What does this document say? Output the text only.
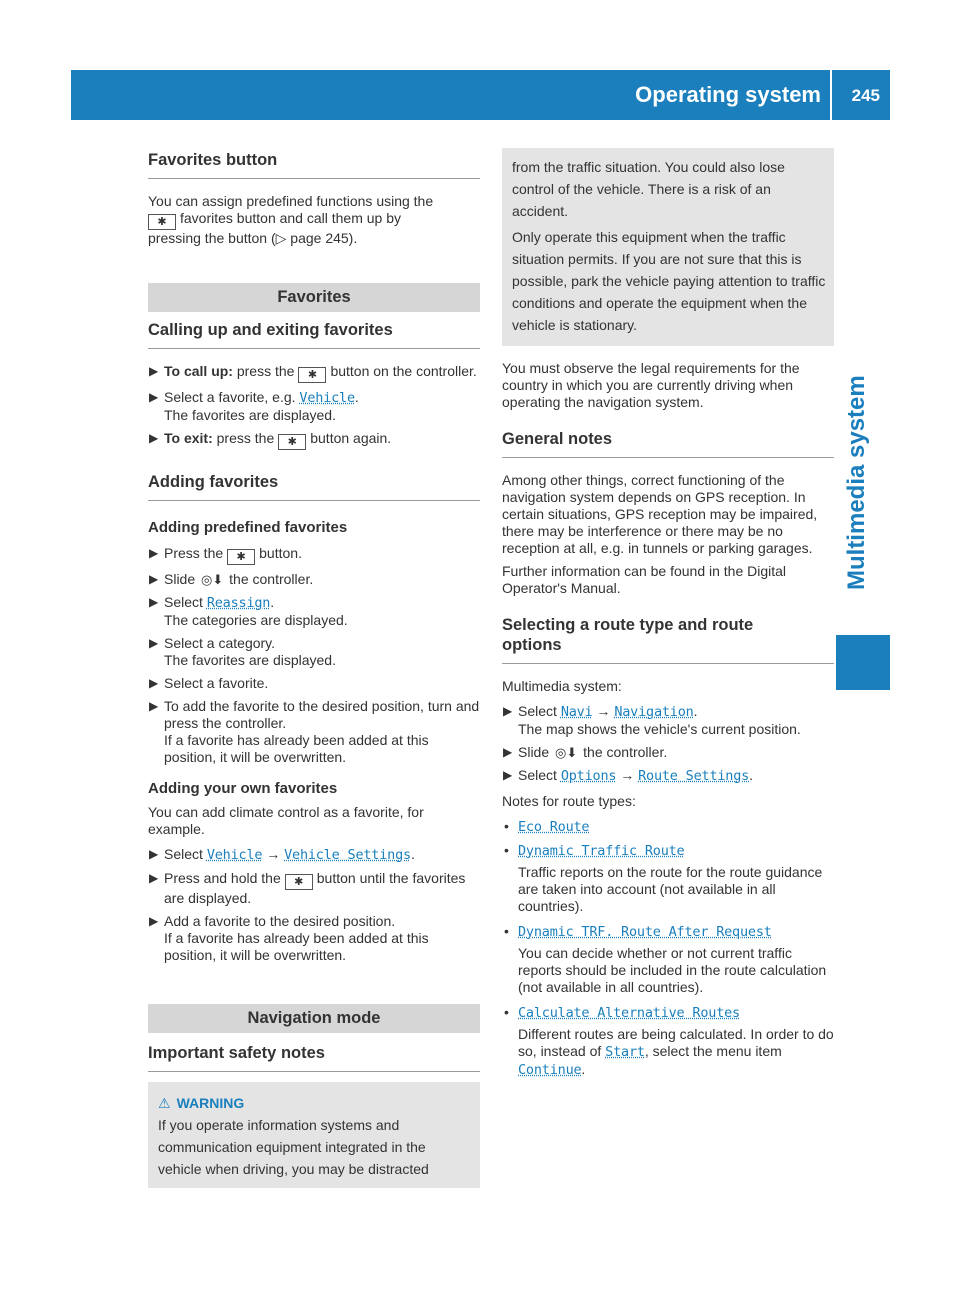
Operating system 245
Multimedia system
Favorites button

You can assign predefined functions using the
✱ favorites button and call them up by
pressing the button (▷ page 245).

Favorites
Calling up and exiting favorites
▶ To call up: press the ✱ button on the controller.
▶ Select a favorite, e.g. Vehicle.
The favorites are displayed.
▶ To exit: press the ✱ button again.
Adding favorites
Adding predefined favorites
▶ Press the ✱ button.
▶ Slide ◎⬇ the controller.
▶ Select Reassign.
The categories are displayed.
▶ Select a category.
The favorites are displayed.
▶ Select a favorite.
▶ To add the favorite to the desired position, turn and press the controller.
If a favorite has already been added at this position, it will be overwritten.
Adding your own favorites

You can add climate control as a favorite, for example.

▶ Select Vehicle → Vehicle Settings.
▶ Press and hold the ✱ button until the favorites are displayed.
▶ Add a favorite to the desired position.
If a favorite has already been added at this position, it will be overwritten.
Navigation mode
Important safety notes
⚠ WARNING

If you operate information systems and communication equipment integrated in the vehicle when driving, you may be distracted

from the traffic situation. You could also lose control of the vehicle. There is a risk of an accident.

Only operate this equipment when the traffic situation permits. If you are not sure that this is possible, park the vehicle paying attention to traffic conditions and operate the equipment when the vehicle is stationary.

You must observe the legal requirements for the country in which you are currently driving when operating the navigation system.

General notes

Among other things, correct functioning of the navigation system depends on GPS reception. In certain situations, GPS reception may be impaired, there may be interference or there may be no reception at all, e.g. in tunnels or parking garages.

Further information can be found in the Digital Operator's Manual.

Selecting a route type and route options

Multimedia system:

▶ Select Navi → Navigation.
The map shows the vehicle's current position.
▶ Slide ◎⬇ the controller.
▶ Select Options → Route Settings.

Notes for route types:

• Eco Route
• Dynamic Traffic Route

Traffic reports on the route for the route guidance are taken into account (not available in all countries).

• Dynamic TRF. Route After Request

You can decide whether or not current traffic reports should be included in the route calculation (not available in all countries).

• Calculate Alternative Routes

Different routes are being calculated. In order to do so, instead of Start, select the menu item Continue.
